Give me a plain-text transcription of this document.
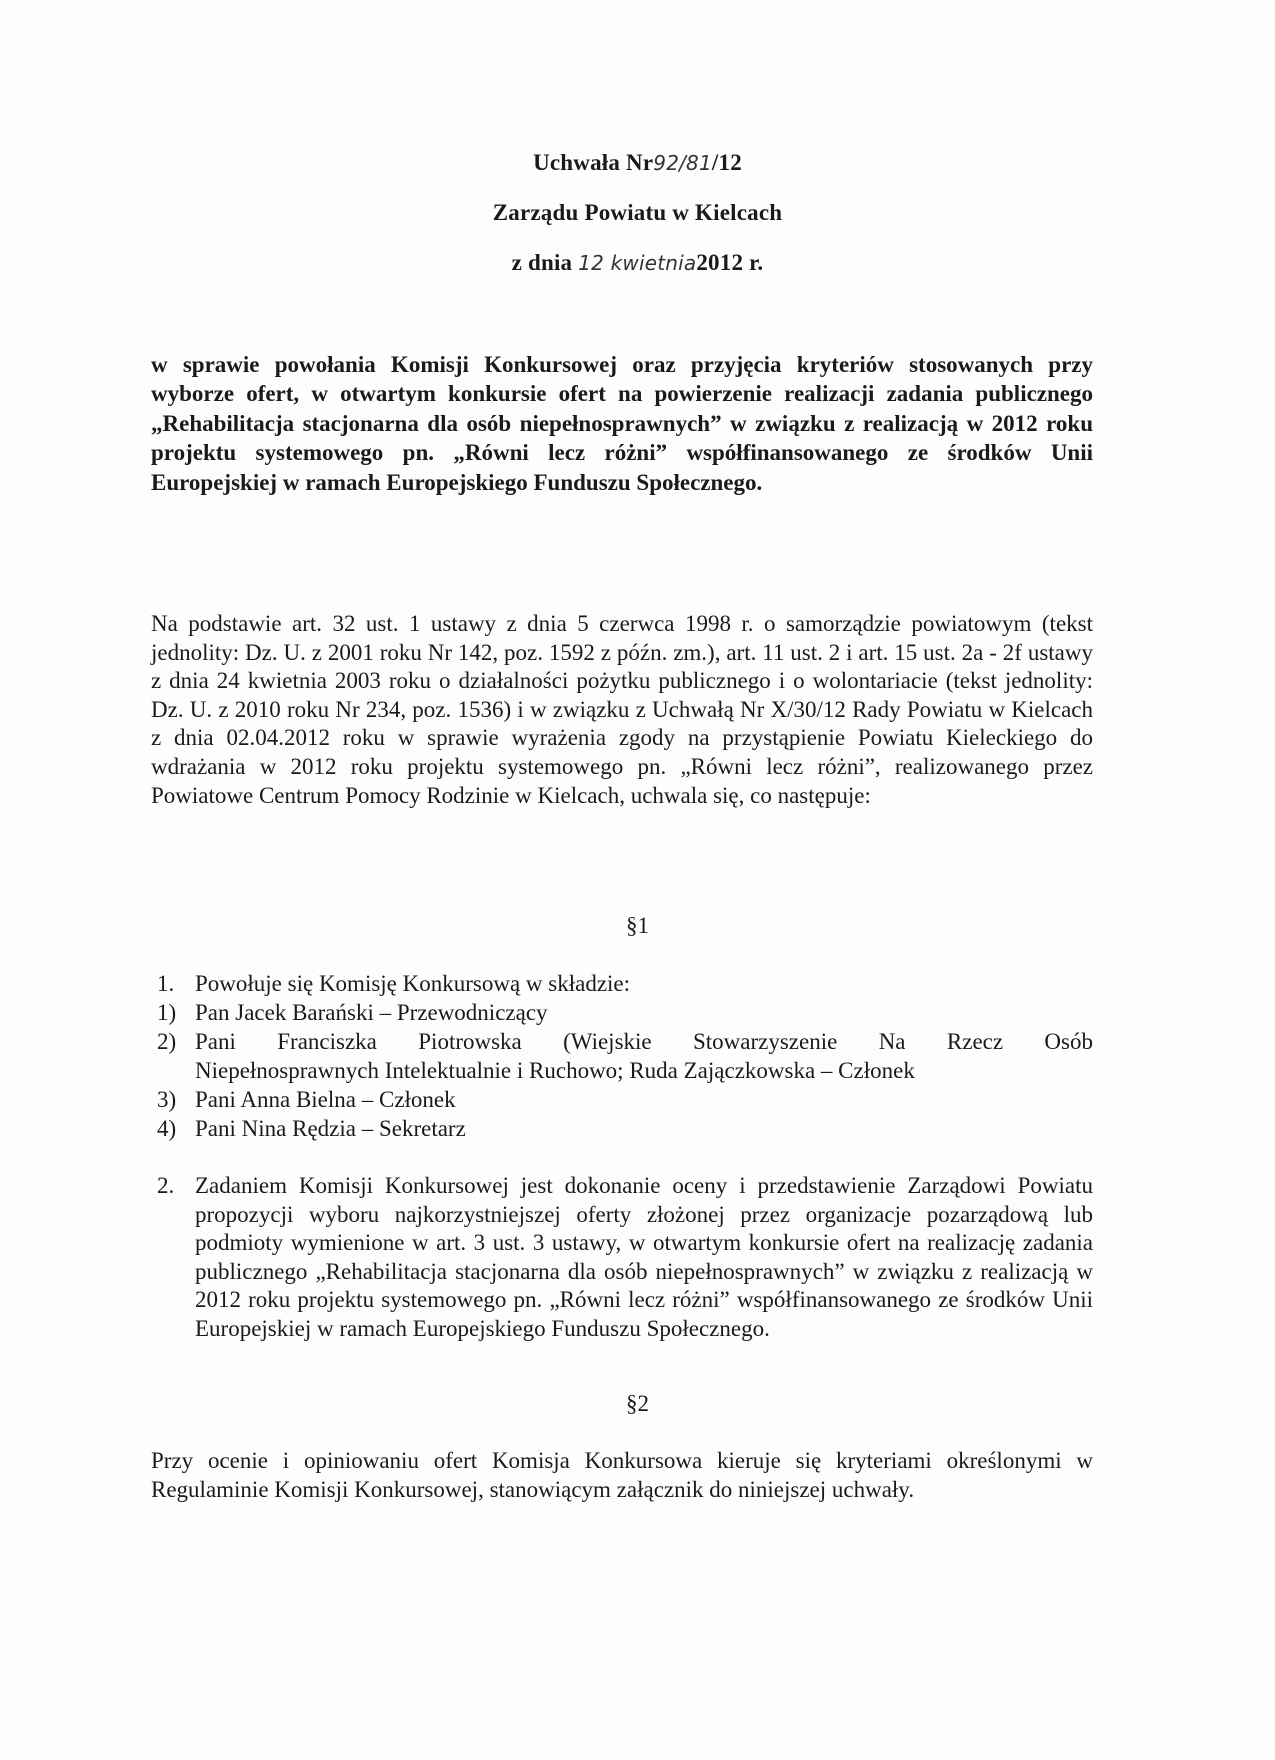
Uchwała Nr92/81/12
Zarządu Powiatu w Kielcach
z dnia 12 kwietnia2012 r.
w sprawie powołania Komisji Konkursowej oraz przyjęcia kryteriów stosowanych przy wyborze ofert, w otwartym konkursie ofert na powierzenie realizacji zadania publicznego „Rehabilitacja stacjonarna dla osób niepełnosprawnych” w związku z realizacją w 2012 roku projektu systemowego pn. „Równi lecz różni” współfinansowanego ze środków Unii Europejskiej w ramach Europejskiego Funduszu Społecznego.
Na podstawie art. 32 ust. 1 ustawy z dnia 5 czerwca 1998 r. o samorządzie powiatowym (tekst jednolity: Dz. U. z 2001 roku Nr 142, poz. 1592 z późn. zm.), art. 11 ust. 2 i art. 15 ust. 2a - 2f ustawy z dnia 24 kwietnia 2003 roku o działalności pożytku publicznego i o wolontariacie (tekst jednolity: Dz. U. z 2010 roku Nr 234, poz. 1536) i w związku z Uchwałą Nr X/30/12 Rady Powiatu w Kielcach z dnia 02.04.2012 roku w sprawie wyrażenia zgody na przystąpienie Powiatu Kieleckiego do wdrażania w 2012 roku projektu systemowego pn. „Równi lecz różni”, realizowanego przez Powiatowe Centrum Pomocy Rodzinie w Kielcach, uchwala się, co następuje:
§1
1. Powołuje się Komisję Konkursową w składzie:
1) Pan Jacek Barański – Przewodniczący
2) Pani Franciszka Piotrowska (Wiejskie Stowarzyszenie Na Rzecz Osób
Niepełnosprawnych Intelektualnie i Ruchowo; Ruda Zajączkowska – Członek
3) Pani Anna Bielna – Członek
4) Pani Nina Rędzia – Sekretarz
2. Zadaniem Komisji Konkursowej jest dokonanie oceny i przedstawienie Zarządowi Powiatu propozycji wyboru najkorzystniejszej oferty złożonej przez organizacje pozarządową lub podmioty wymienione w art. 3 ust. 3 ustawy, w otwartym konkursie ofert na realizację zadania publicznego „Rehabilitacja stacjonarna dla osób niepełnosprawnych” w związku z realizacją w 2012 roku projektu systemowego pn. „Równi lecz różni” współfinansowanego ze środków Unii Europejskiej w ramach Europejskiego Funduszu Społecznego.
§2
Przy ocenie i opiniowaniu ofert Komisja Konkursowa kieruje się kryteriami określonymi w Regulaminie Komisji Konkursowej, stanowiącym załącznik do niniejszej uchwały.
